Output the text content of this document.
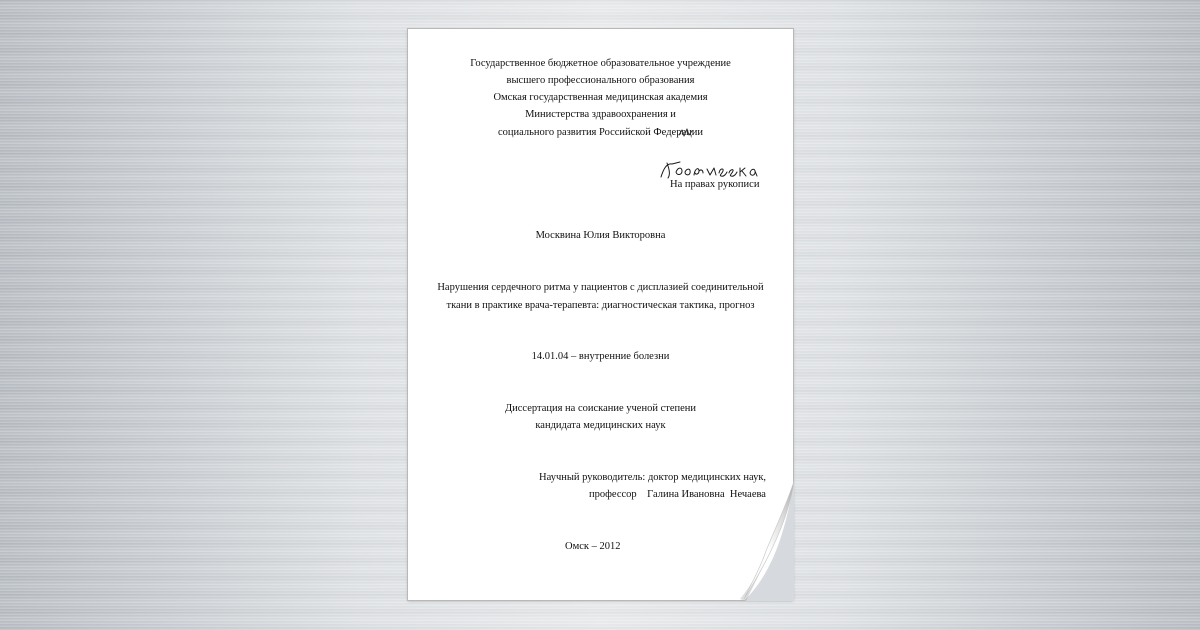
Государственное бюджетное образовательное учреждение

высшего профессионального образования

Омская государственная медицинская академия

Министерства здравоохранения и

социального развития Российской Федерации

На правах рукописи

Москвина Юлия Викторовна

Нарушения сердечного ритма у пациентов с дисплазией соединительной

ткани в практике врача-терапевта: диагностическая тактика, прогноз

14.01.04 – внутренние болезни

Диссертация на соискание ученой степени

кандидата медицинских наук

Научный руководитель: доктор медицинских наук,

профессор    Галина Ивановна  Нечаева

Омск – 2012
